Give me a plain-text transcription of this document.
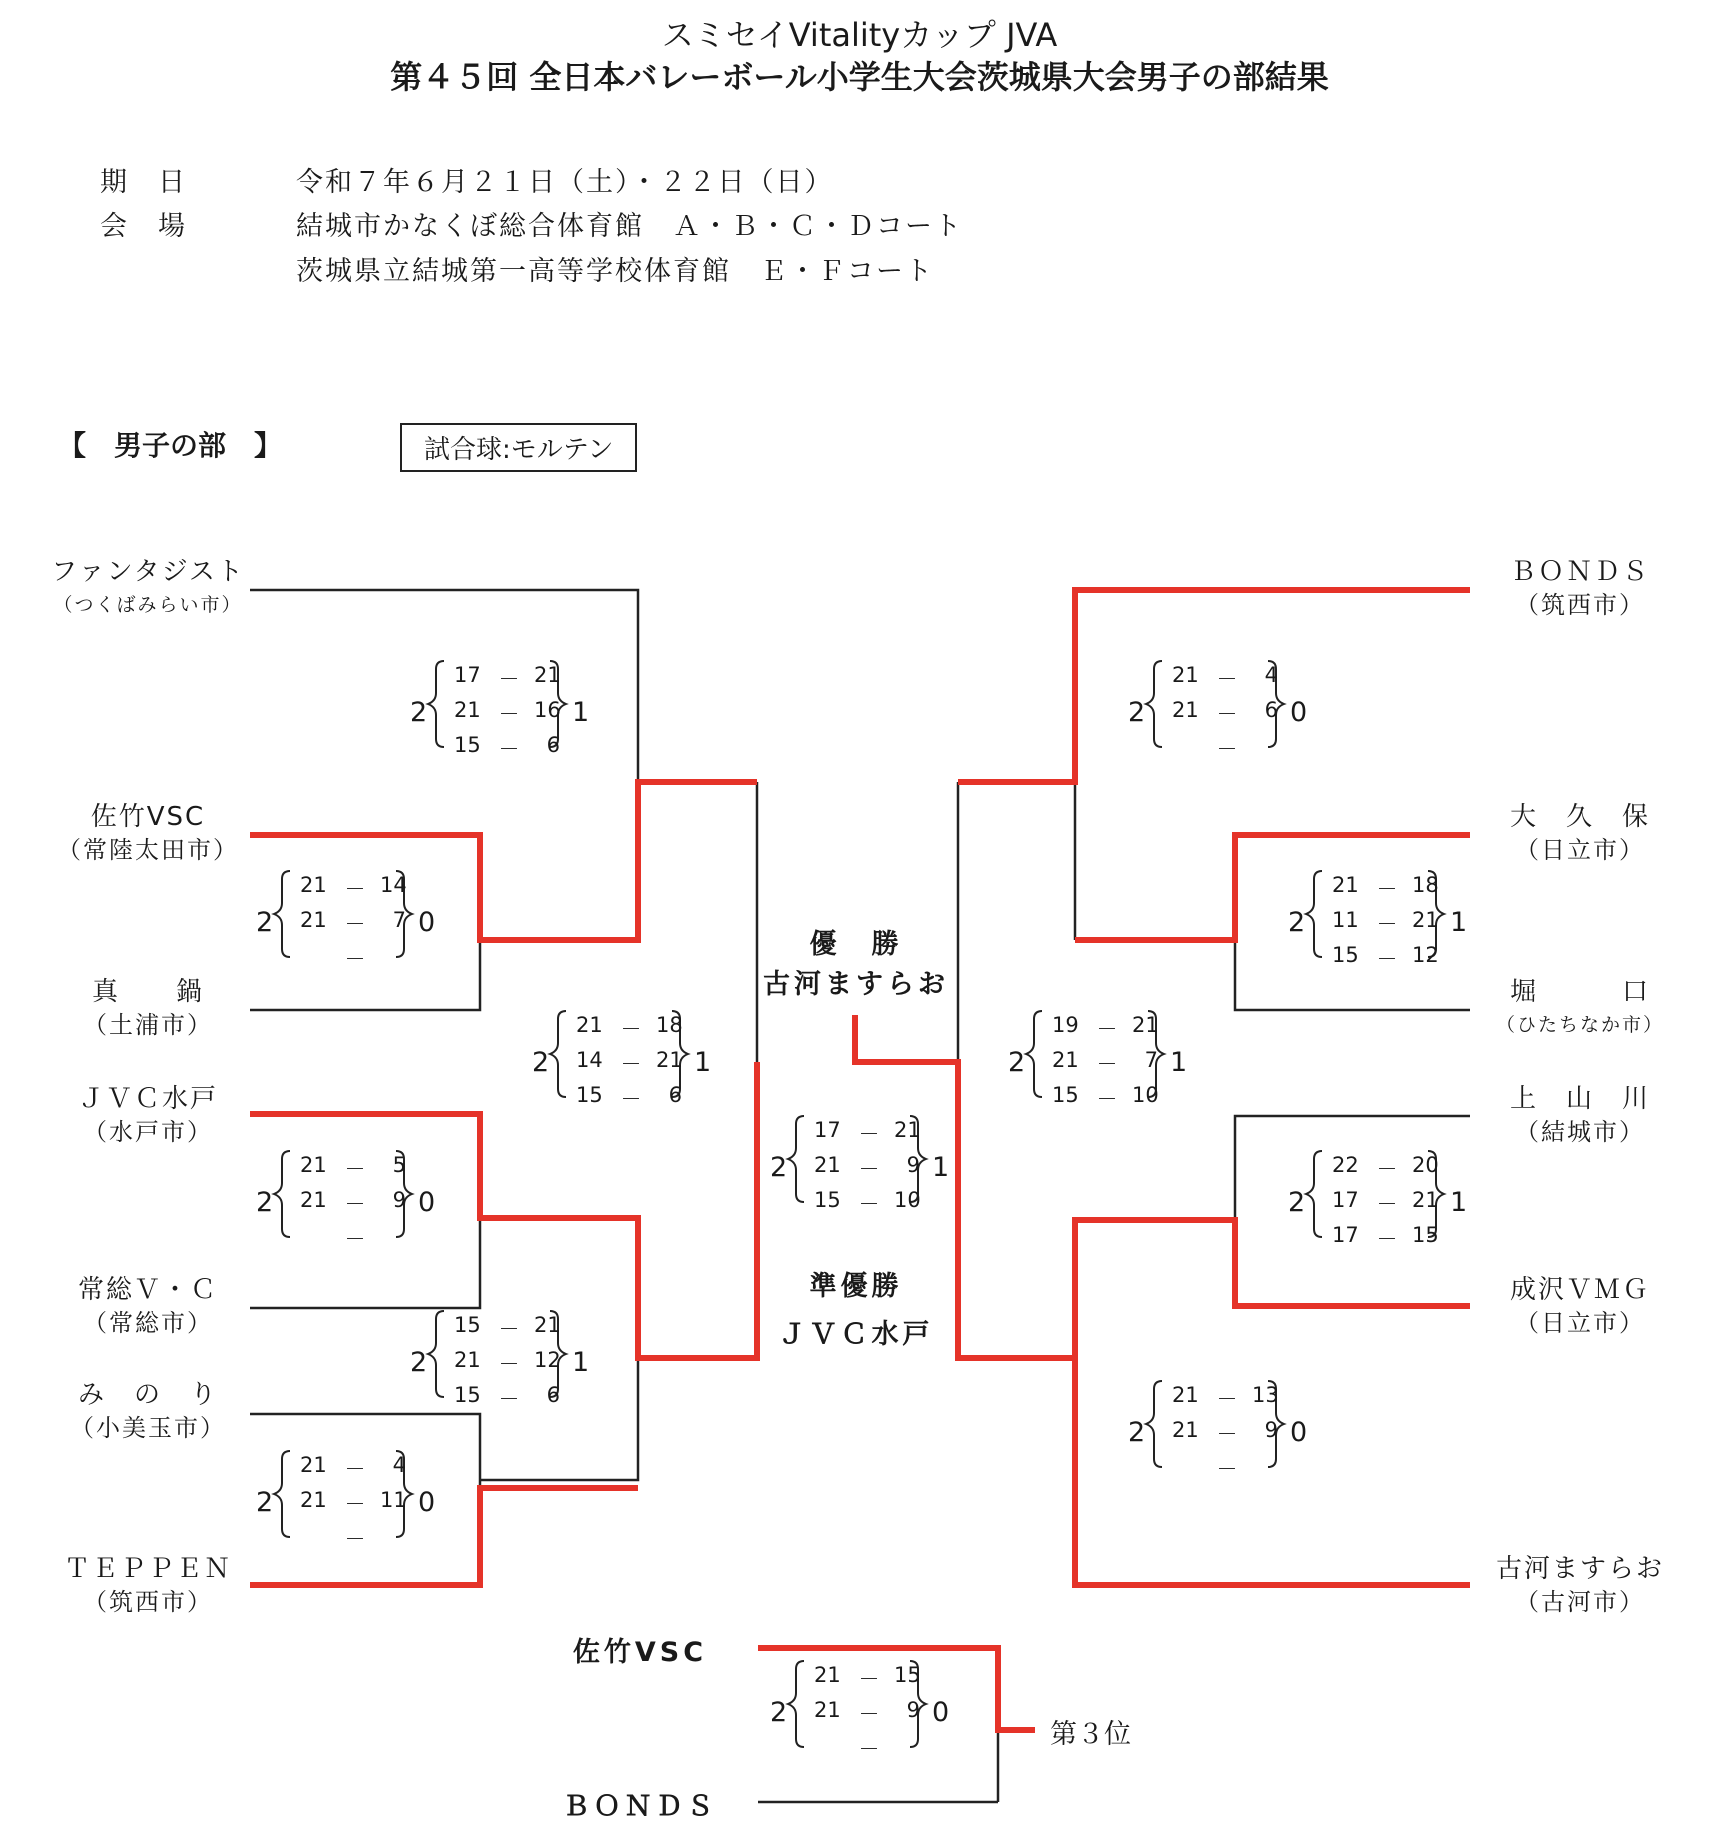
スミセイVitalityカップ JVA
第４５回 全日本バレーボール小学生大会茨城県大会男子の部結果
期　日	令和７年６月２１日（土）・２２日（日）
会　場	結城市かなくぼ総合体育館　Ａ・Ｂ・Ｃ・Ｄコート
茨城県立結城第一高等学校体育館　Ｅ・Ｆコート
【　男子の部　】	試合球:モルテン
ファンタジスト
（つくばみらい市）
佐竹VSC
（常陸太田市）
真　　鍋
（土浦市）
ＪＶＣ水戸
（水戸市）
常総Ｖ・Ｃ
（常総市）
み　の　り
（小美玉市）
ＴＥＰＰＥＮ
（筑西市）
ＢＯＮＤＳ
（筑西市）
大　久　保
（日立市）
堀　　　口
（ひたちなか市）
上　山　川
（結城市）
成沢ＶＭＧ
（日立市）
古河ますらお
（古河市）
2	1
17 － 21
21 － 16
15 －	6
2	0
21 － 14
21 －	7
－
2	1
21 － 18
14 － 21
15 －	6
2	0
21 －	5
21 －	9
－
2	1
15 － 21
21 － 12
15 －	6
2	0
21 －	4
21 － 11
－
2	0
21 －	4
21 －	6
－
2	1
21 － 18
11 － 21
15 － 12
2	1
19 － 21
21 －	7
15 － 10
2	1
22 － 20
17 － 21
17 － 15
2	0
21 － 13
21 －	9
－
2	1
17 － 21
21 －	9
15 － 10
2	0
21 － 15
21 －	9
－
優　勝
古河ますらお
準優勝
ＪＶＣ水戸
佐竹VSC
ＢＯＮＤＳ
第３位
